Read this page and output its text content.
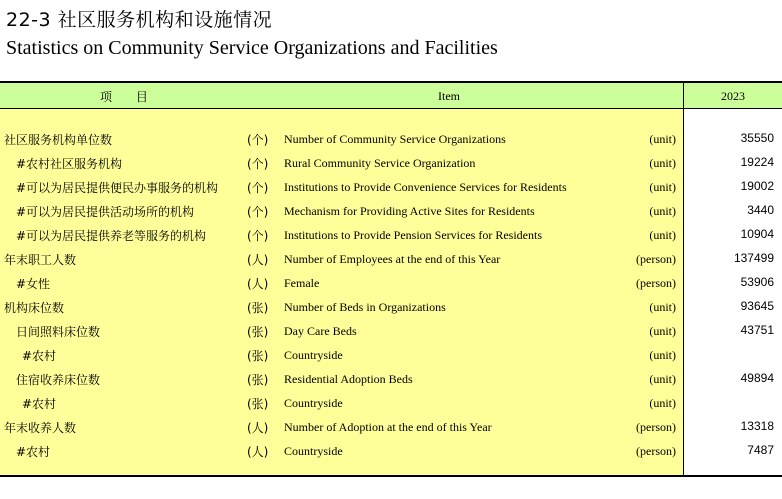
22-3 社区服务机构和设施情况
Statistics on Community Service Organizations and Facilities
项 目	Item	2023
社区服务机构单位数	(个) Number of Community Service Organizations	(unit)	35550
#农村社区服务机构	(个) Rural Community Service Organization	(unit)	19224
#可以为居民提供便民办事服务的机构 (个) Institutions to Provide Convenience Services for Residents	(unit)	19002
#可以为居民提供活动场所的机构	(个) Mechanism for Providing Active Sites for Residents	(unit)	3440
#可以为居民提供养老等服务的机构	(个) Institutions to Provide Pension Services for Residents	(unit)	10904
年末职工人数	(人) Number of Employees at the end of this Year	(person)	137499
#女性	(人) Female	(person)	53906
机构床位数	(张) Number of Beds in Organizations	(unit)	93645
日间照料床位数	(张) Day Care Beds	(unit)	43751
#农村	(张) Countryside	(unit)
住宿收养床位数	(张) Residential Adoption Beds	(unit)	49894
#农村	(张) Countryside	(unit)
年末收养人数	(人) Number of Adoption at the end of this Year	(person)	13318
#农村	(人) Countryside	(person)	7487
